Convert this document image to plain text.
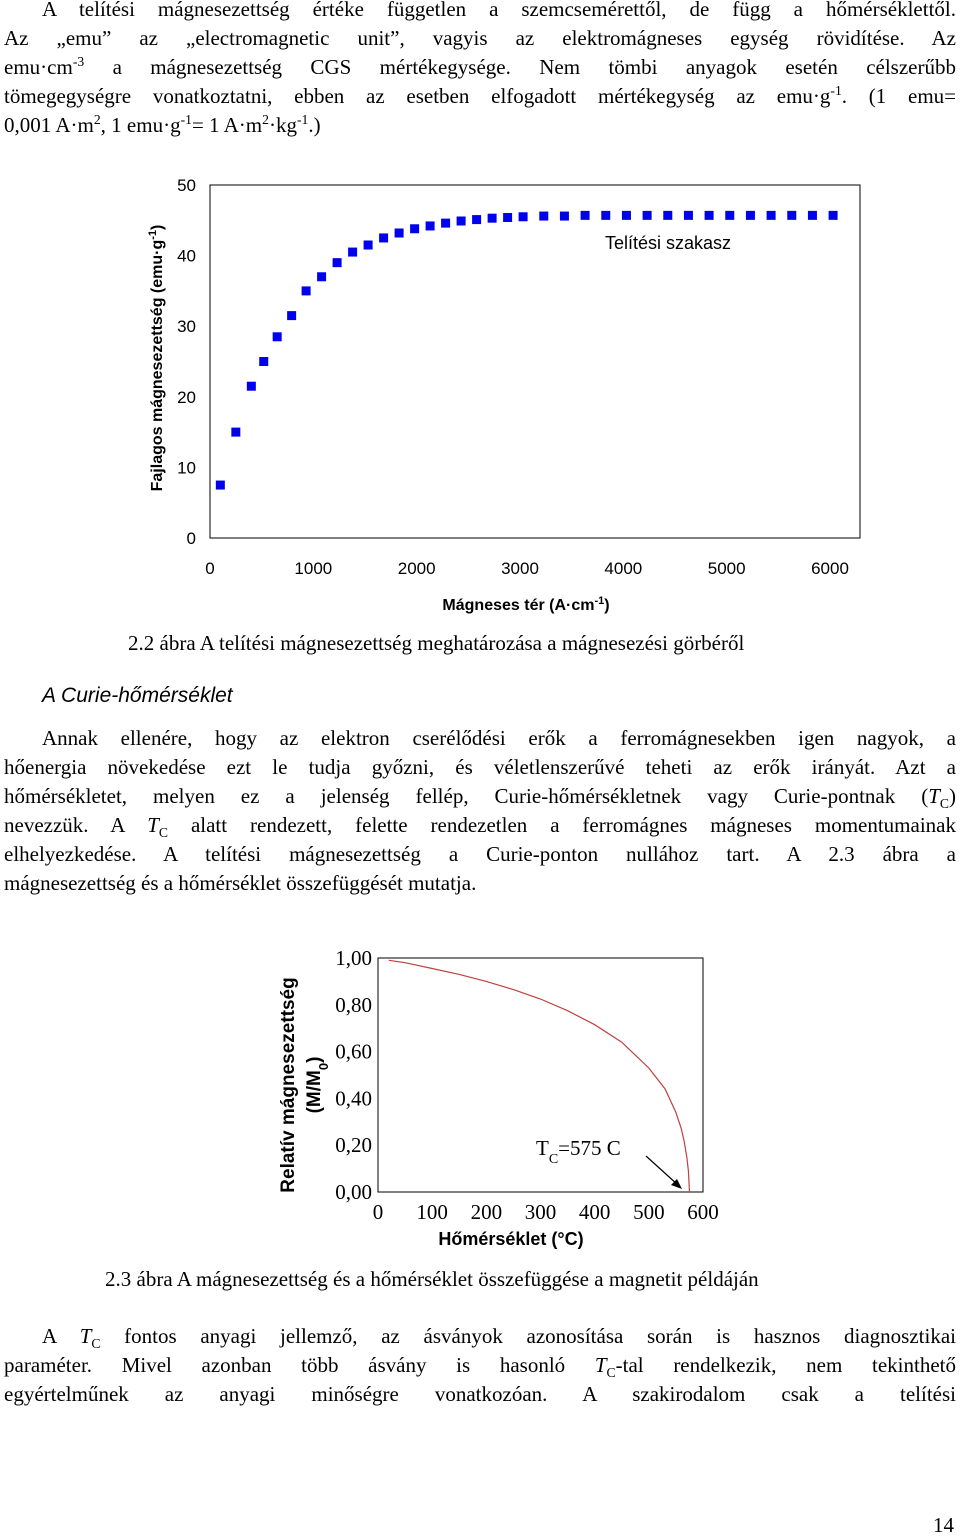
A telítési mágnesezettség értéke független a szemcsemérettől, de függ a hőmérséklettől.
Az „emu” az „electromagnetic unit”, vagyis az elektromágneses egység rövidítése. Az
$emu\cdot cm^{-3}$ a mágnesezettség CGS mértékegysége. Nem tömbi anyagok esetén célszerűbb
tömegegységre vonatkoztatni, ebben az esetben elfogadott mértékegység az $emu\cdot g^{-1}$. (1 emu=
0,001 $A\cdot m^2$, 1 $emu\cdot g^{-1}= 1$ $A\cdot m^2\cdot kg^{-1}$.)
0
10
20
30
40
50
0	1000	2000	3000	4000	5000	6000
Fajlagos mágnesezettség $(emu\cdot g^{-1})$
Mágneses tér $(A\cdot cm^{-1})$
Telítési szakasz
2.2 ábra A telítési mágnesezettség meghatározása a mágnesezési görbéről
A Curie-hőmérséklet
Annak ellenére, hogy az elektron cserélődési erők a ferromágnesekben igen nagyok, a
hőenergia növekedése ezt le tudja győzni, és véletlenszerűvé teheti az erők irányát. Azt a
hőmérsékletet, melyen ez a jelenség fellép, Curie-hőmérsékletnek vagy Curie-pontnak $(T_C)$
nevezzük. A $T_C$ alatt rendezett, felette rendezetlen a ferromágnes mágneses momentumainak
elhelyezkedése. A telítési mágnesezettség a Curie-ponton nullához tart. A 2.3 ábra a
mágnesezettség és a hőmérséklet összefüggését mutatja.
0,00
0,20
0,40
0,60
0,80
1,00
0 100 200 300 400 500 600
Relatív mágnesezettség $(M/M_0)$
Hőmérséklet (°C)
$T_C=575$ C
2.3 ábra A mágnesezettség és a hőmérséklet összefüggése a magnetit példáján
A $T_C$ fontos anyagi jellemző, az ásványok azonosítása során is hasznos diagnosztikai
paraméter. Mivel azonban több ásvány is hasonló $T_C$-tal rendelkezik, nem tekinthető
egyértelműnek az anyagi minőségre vonatkozóan. A szakirodalom csak a telítési
14
